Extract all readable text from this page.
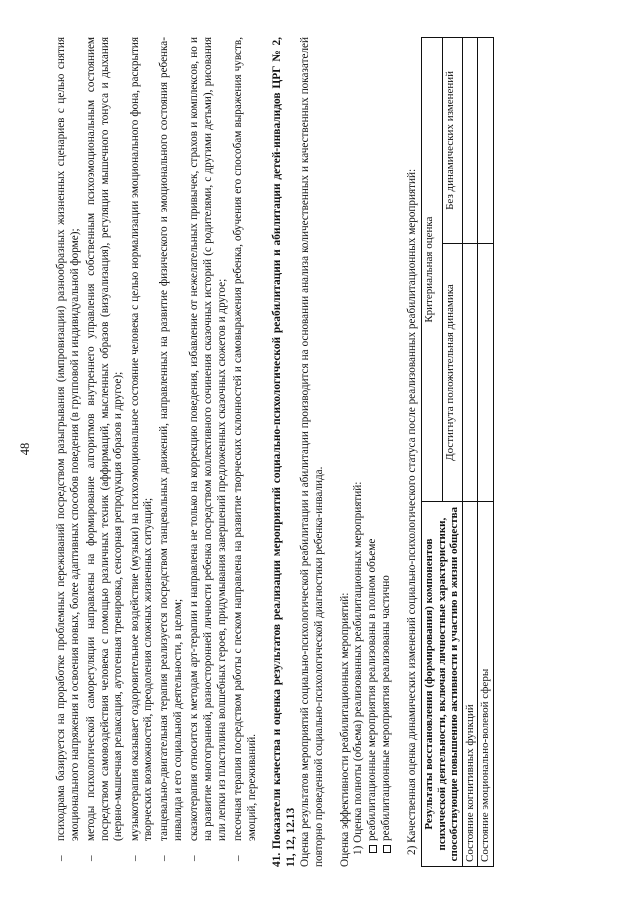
48 – психодрама базируется на проработке проблемных переживаний посредством разыгрывания (импровизации) разнообразных жизненных сценариев с целью снятия эмоционального напряжения и освоения новых, более адаптивных способов поведения (в групповой и индивидуальной форме); – методы психологической саморегуляции направлены на формирование алгоритмов внутреннего управления собственным психоэмоциональным состоянием посредством самовоздействия человека с помощью различных техник (аффирмаций, мысленных образов (визуализация), регуляции мышечного тонуса и дыхания (нервно-мышечная релаксация, аутогенная тренировка, сенсорная репродукция образов и другое); – музыкотерапия оказывает оздоровительное воздействие (музыки) на психоэмоциональное состояние человека с целью нормализации эмоционального фона, раскрытия творческих возможностей, преодоления сложных жизненных ситуаций; – танцевально-двигательная терапия реализуется посредством танцевальных движений, направленных на развитие физического и эмоционального состояния ребенка-инвалида и его социальной деятельности, в целом; – сказкотерапия относится к методам арт-терапии и направлена не только на коррекцию поведения, избавление от нежелательных привычек, страхов и комплексов, но и на развитие многогранной, разносторонней личности ребенка посредством коллективного сочинения сказочных историй (с родителями, с другими детьми), рисования или лепки из пластилина волшебных героев, придумывания завершений предложенных сказочных сюжетов и другое; – песочная терапия посредством работы с песком направлена на развитие творческих склонностей и самовыражения ребенка, обучения его способам выражения чувств, эмоций, переживаний. 41. Показатели качества и оценка результатов реализации мероприятий социально-психологической реабилитации и абилитации детей-инвалидов ЦРГ № 2, 11, 12, 12.13 Оценка результатов мероприятий социально-психологической реабилитации и абилитации производится на основании анализа количественных и качественных показателей повторно проведенной социально-психологической диагностики ребенка-инвалида. Оценка эффективности реабилитационных мероприятий: 1) Оценка полноты (объема) реализованных реабилитационных мероприятий: реабилитационные мероприятия реализованы в полном объеме реабилитационные мероприятия реализованы частично 2) Качественная оценка динамических изменений социально-психологического статуса после реализованных реабилитационных мероприятий: Результаты восстановления (формирования) компонентов психической деятельности, включая личностные характеристики, способствующие повышению активности и участию в жизни общества	Критериальная оценка	
	Достигнута положительная динамика	Без динамических изменений
Состояние когнитивных функций		
Состояние эмоционально-волевой сферы		
